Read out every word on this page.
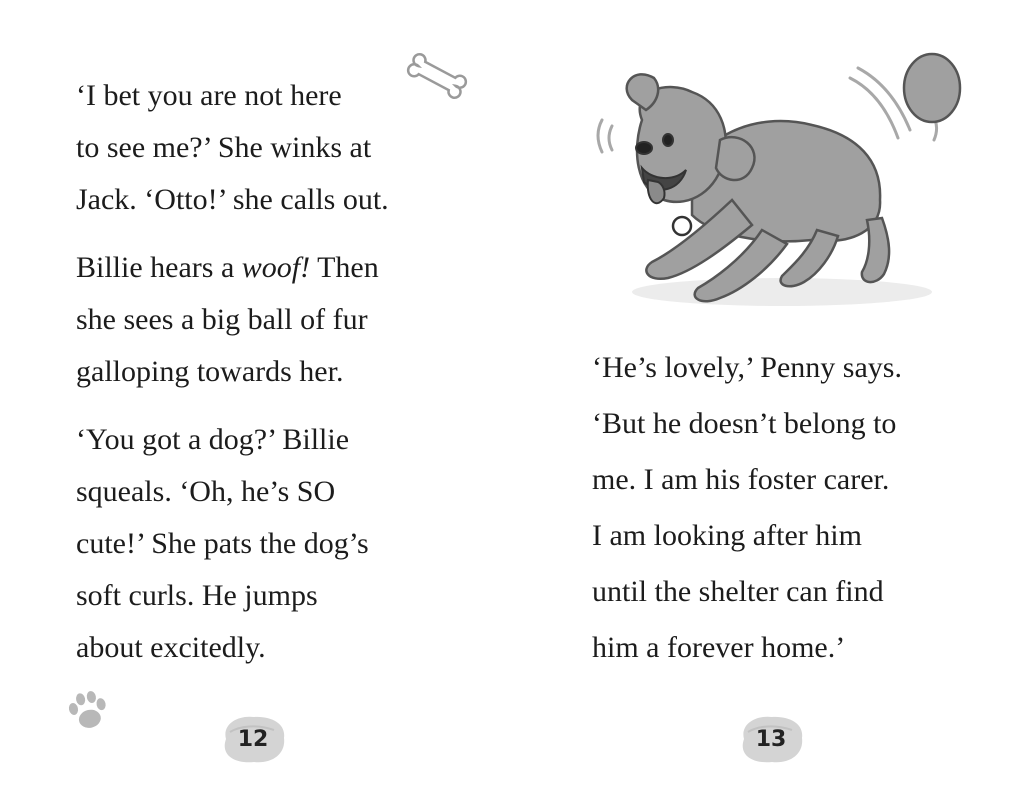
‘I bet you are not here
to see me?’ She winks at
Jack. ‘Otto!’ she calls out.

Billie hears a woof! Then
she sees a big ball of fur
galloping towards her.

‘You got a dog?’ Billie
squeals. ‘Oh, he’s SO
cute!’ She pats the dog’s
soft curls. He jumps
about excitedly.

12

‘He’s lovely,’ Penny says.
‘But he doesn’t belong to
me. I am his foster carer.
I am looking after him
until the shelter can find
him a forever home.’

13
